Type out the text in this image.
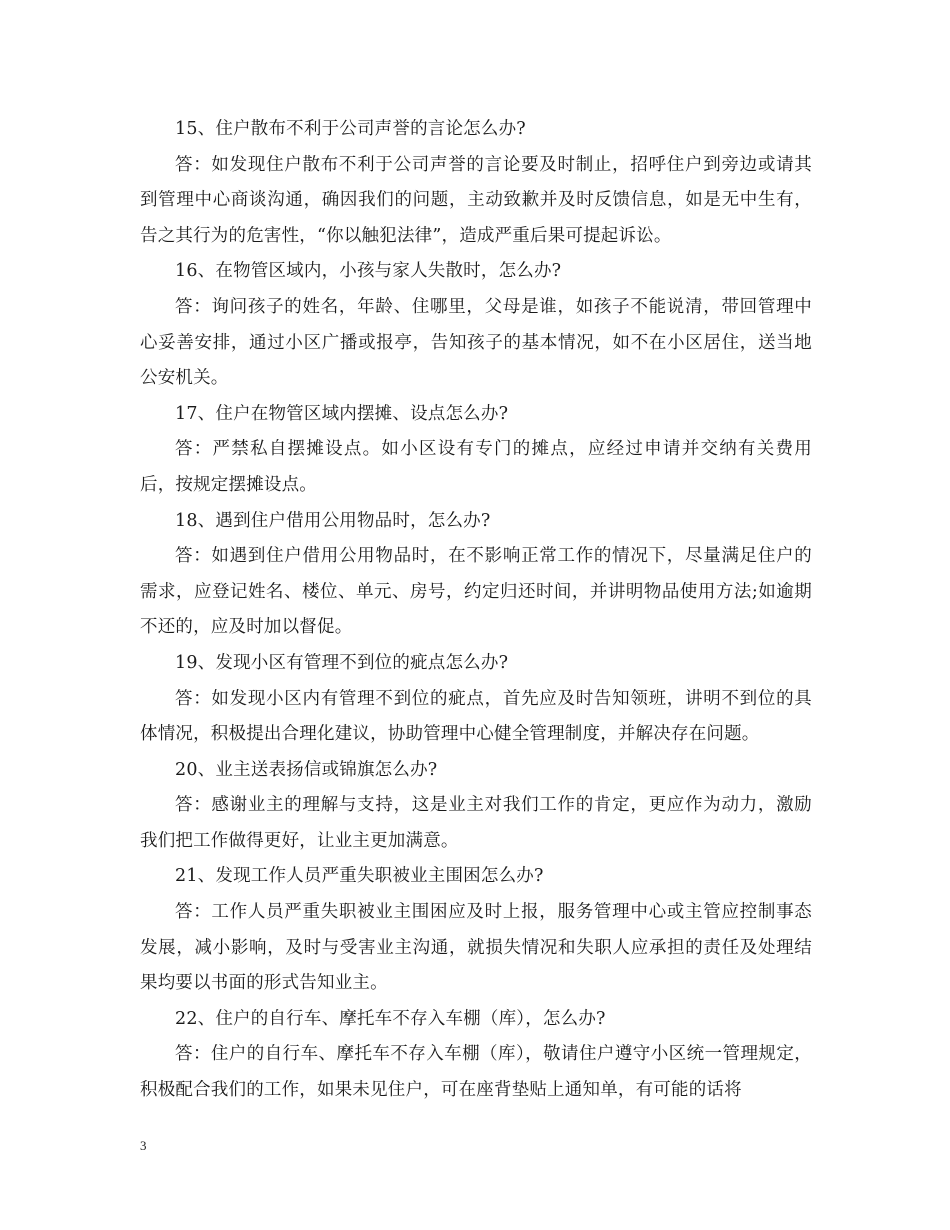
15、住户散布不利于公司声誉的言论怎么办?

答：如发现住户散布不利于公司声誉的言论要及时制止，招呼住户到旁边或请其到管理中心商谈沟通，确因我们的问题，主动致歉并及时反馈信息，如是无中生有，告之其行为的危害性，“你以触犯法律”，造成严重后果可提起诉讼。

16、在物管区域内，小孩与家人失散时，怎么办?

答：询问孩子的姓名，年龄、住哪里，父母是谁，如孩子不能说清，带回管理中心妥善安排，通过小区广播或报亭，告知孩子的基本情况，如不在小区居住，送当地公安机关。

17、住户在物管区域内摆摊、设点怎么办?

答：严禁私自摆摊设点。如小区设有专门的摊点，应经过申请并交纳有关费用后，按规定摆摊设点。

18、遇到住户借用公用物品时，怎么办?

答：如遇到住户借用公用物品时，在不影响正常工作的情况下，尽量满足住户的需求，应登记姓名、楼位、单元、房号，约定归还时间，并讲明物品使用方法;如逾期不还的，应及时加以督促。

19、发现小区有管理不到位的疵点怎么办?

答：如发现小区内有管理不到位的疵点，首先应及时告知领班，讲明不到位的具体情况，积极提出合理化建议，协助管理中心健全管理制度，并解决存在问题。

20、业主送表扬信或锦旗怎么办?

答：感谢业主的理解与支持，这是业主对我们工作的肯定，更应作为动力，激励我们把工作做得更好，让业主更加满意。

21、发现工作人员严重失职被业主围困怎么办?

答：工作人员严重失职被业主围困应及时上报，服务管理中心或主管应控制事态发展，减小影响，及时与受害业主沟通，就损失情况和失职人应承担的责任及处理结果均要以书面的形式告知业主。

22、住户的自行车、摩托车不存入车棚（库），怎么办?

答：住户的自行车、摩托车不存入车棚（库），敬请住户遵守小区统一管理规定，积极配合我们的工作，如果未见住户，可在座背垫贴上通知单，有可能的话将

3
